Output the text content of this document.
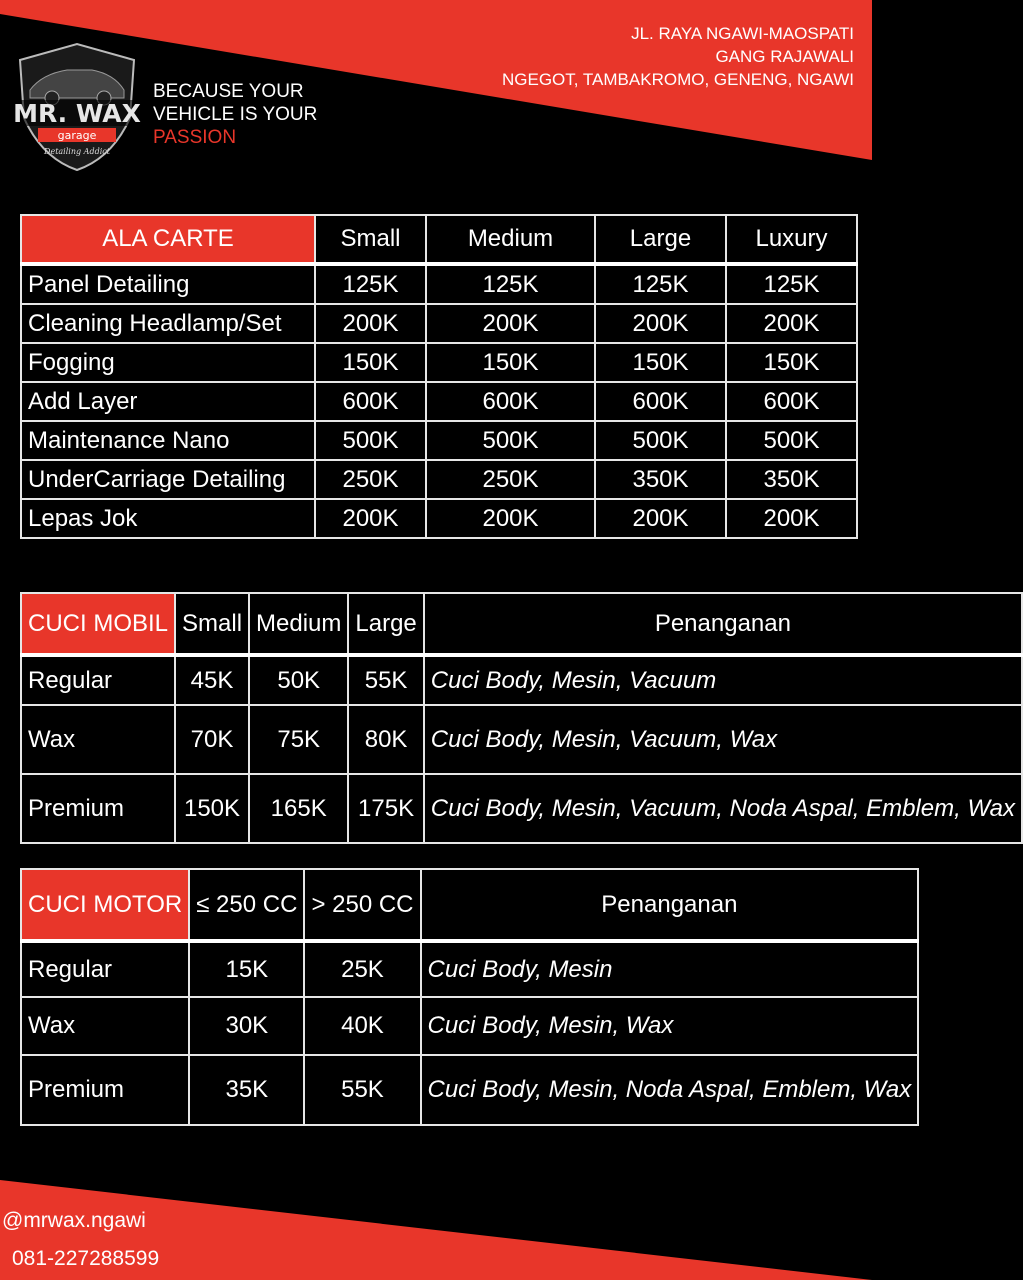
MR. WAX
garage
Detailing Addict
BECAUSE YOUR
VEHICLE IS YOUR
PASSION
JL. RAYA NGAWI-MAOSPATI
GANG RAJAWALI
NGEGOT, TAMBAKROMO, GENENG, NGAWI
ALA CARTE	Small	Medium	Large	Luxury
Panel Detailing	125K	125K	125K	125K
Cleaning Headlamp/Set	200K	200K	200K	200K
Fogging	150K	150K	150K	150K
Add Layer	600K	600K	600K	600K
Maintenance Nano	500K	500K	500K	500K
UnderCarriage Detailing	250K	250K	350K	350K
Lepas Jok	200K	200K	200K	200K
CUCI MOBIL	Small	Medium	Large	Penanganan
Regular	45K	50K	55K	Cuci Body, Mesin, Vacuum
Wax	70K	75K	80K	Cuci Body, Mesin, Vacuum, Wax
Premium	150K	165K	175K	Cuci Body, Mesin, Vacuum, Noda Aspal, Emblem, Wax
CUCI MOTOR	≤ 250 CC	> 250 CC	Penanganan
Regular	15K	25K	Cuci Body, Mesin
Wax	30K	40K	Cuci Body, Mesin, Wax
Premium	35K	55K	Cuci Body, Mesin, Noda Aspal, Emblem, Wax
@mrwax.ngawi
081-227288599
